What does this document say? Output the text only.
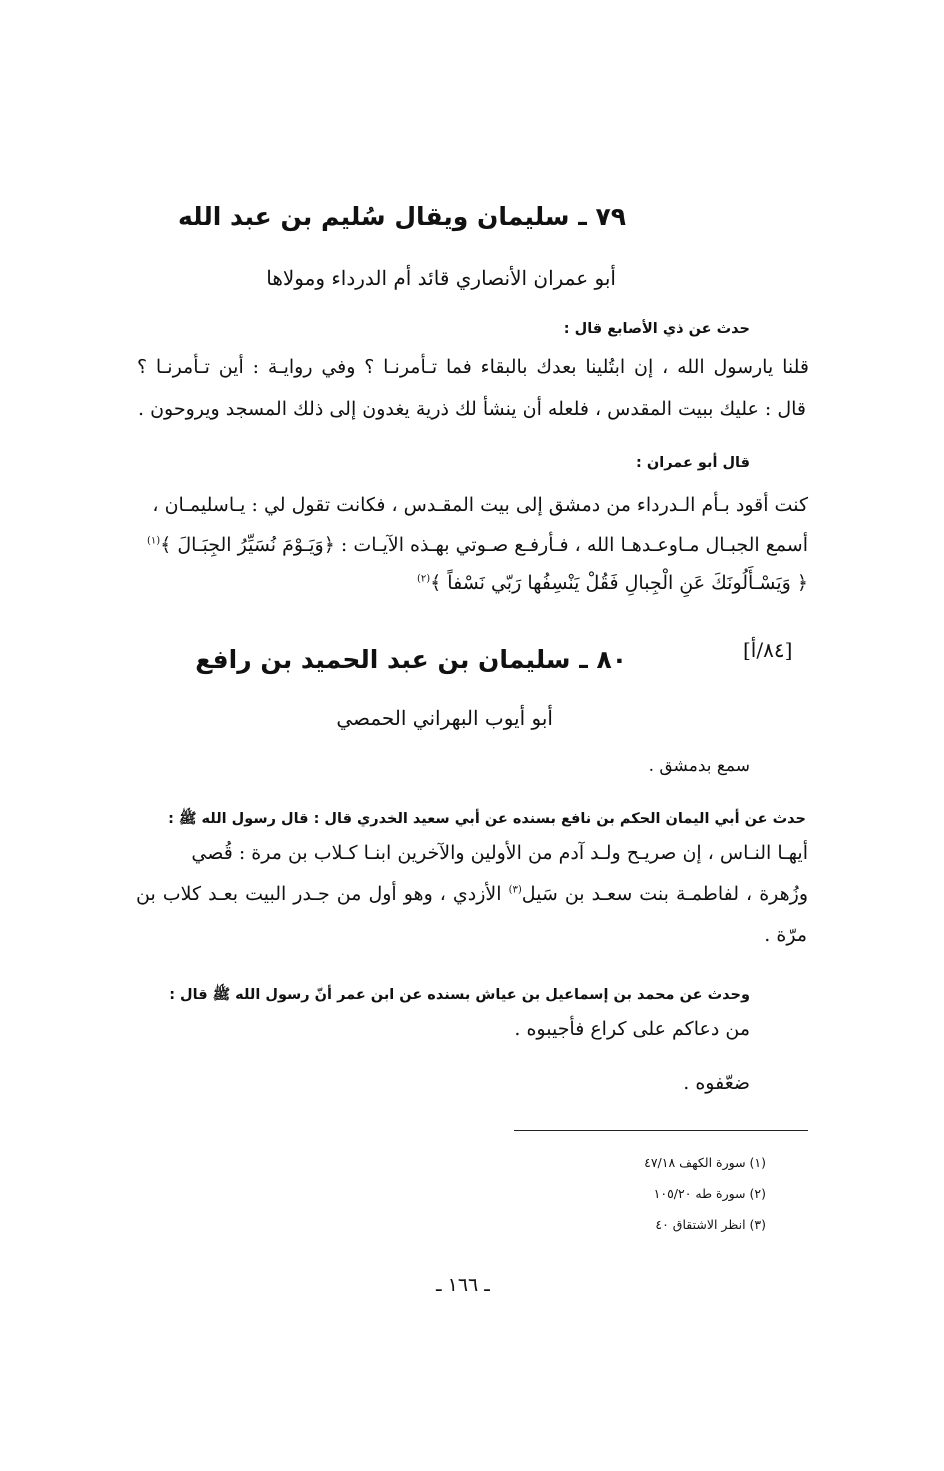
٧٩ ـ سليمان ويقال سُليم بن عبد الله
أبو عمران الأنصاري قائد أم الدرداء ومولاها
حدث عن ذي الأصابع قال :
قلنا يارسول الله ، إن ابتُلينا بعدك بالبقاء فما تـأمرنـا ؟ وفي روايـة : أين تـأمرنـا ؟
قال : عليك ببيت المقدس ، فلعله أن ينشأ لك ذرية يغدون إلى ذلك المسجد ويروحون .
قال أبو عمران :
كنت أقود بـأم الـدرداء من دمشق إلى بيت المقـدس ، فكانت تقول لي : يـاسليمـان ،
أسمع الجبـال مـاوعـدهـا الله ، فـأرفـع صـوتي بهـذه الآيـات : ﴿وَيَـوْمَ نُسَيِّرُ الجِبَـالَ ﴾$^{(١)}$
﴿ وَيَسْـأَلُونَكَ عَنِ الْجِبالِ فَقُلْ يَنْسِفُها رَبّي نَسْفاً ﴾$^{(٢)}$
[٨٤/أ]
٨٠ ـ سليمان بن عبد الحميد بن رافع
أبو أيوب البهراني الحمصي
سمع بدمشق .
حدث عن أبي اليمان الحكم بن نافع بسنده عن أبي سعيد الخدري قال : قال رسول الله ﷺ :
أيهـا النـاس ، إن صريـح ولـد آدم من الأولين والآخرين ابنـا كـلاب بن مرة : قُصي
وزُهرة ، لفاطمـة بنت سعـد بن سَيل$^{(٣)}$ الأزدي ، وهو أول من جـدر البيت بعـد كلاب بن
مرّة .
وحدث عن محمد بن إسماعيل بن عياش بسنده عن ابن عمر أنّ رسول الله ﷺ قال :
من دعاكم على كراع فأجيبوه .
ضعّفوه .
(١) سورة الكهف ٤٧/١٨
(٢) سورة طه ١٠٥/٢٠
(٣) انظر الاشتقاق ٤٠
ـ ١٦٦ ـ
